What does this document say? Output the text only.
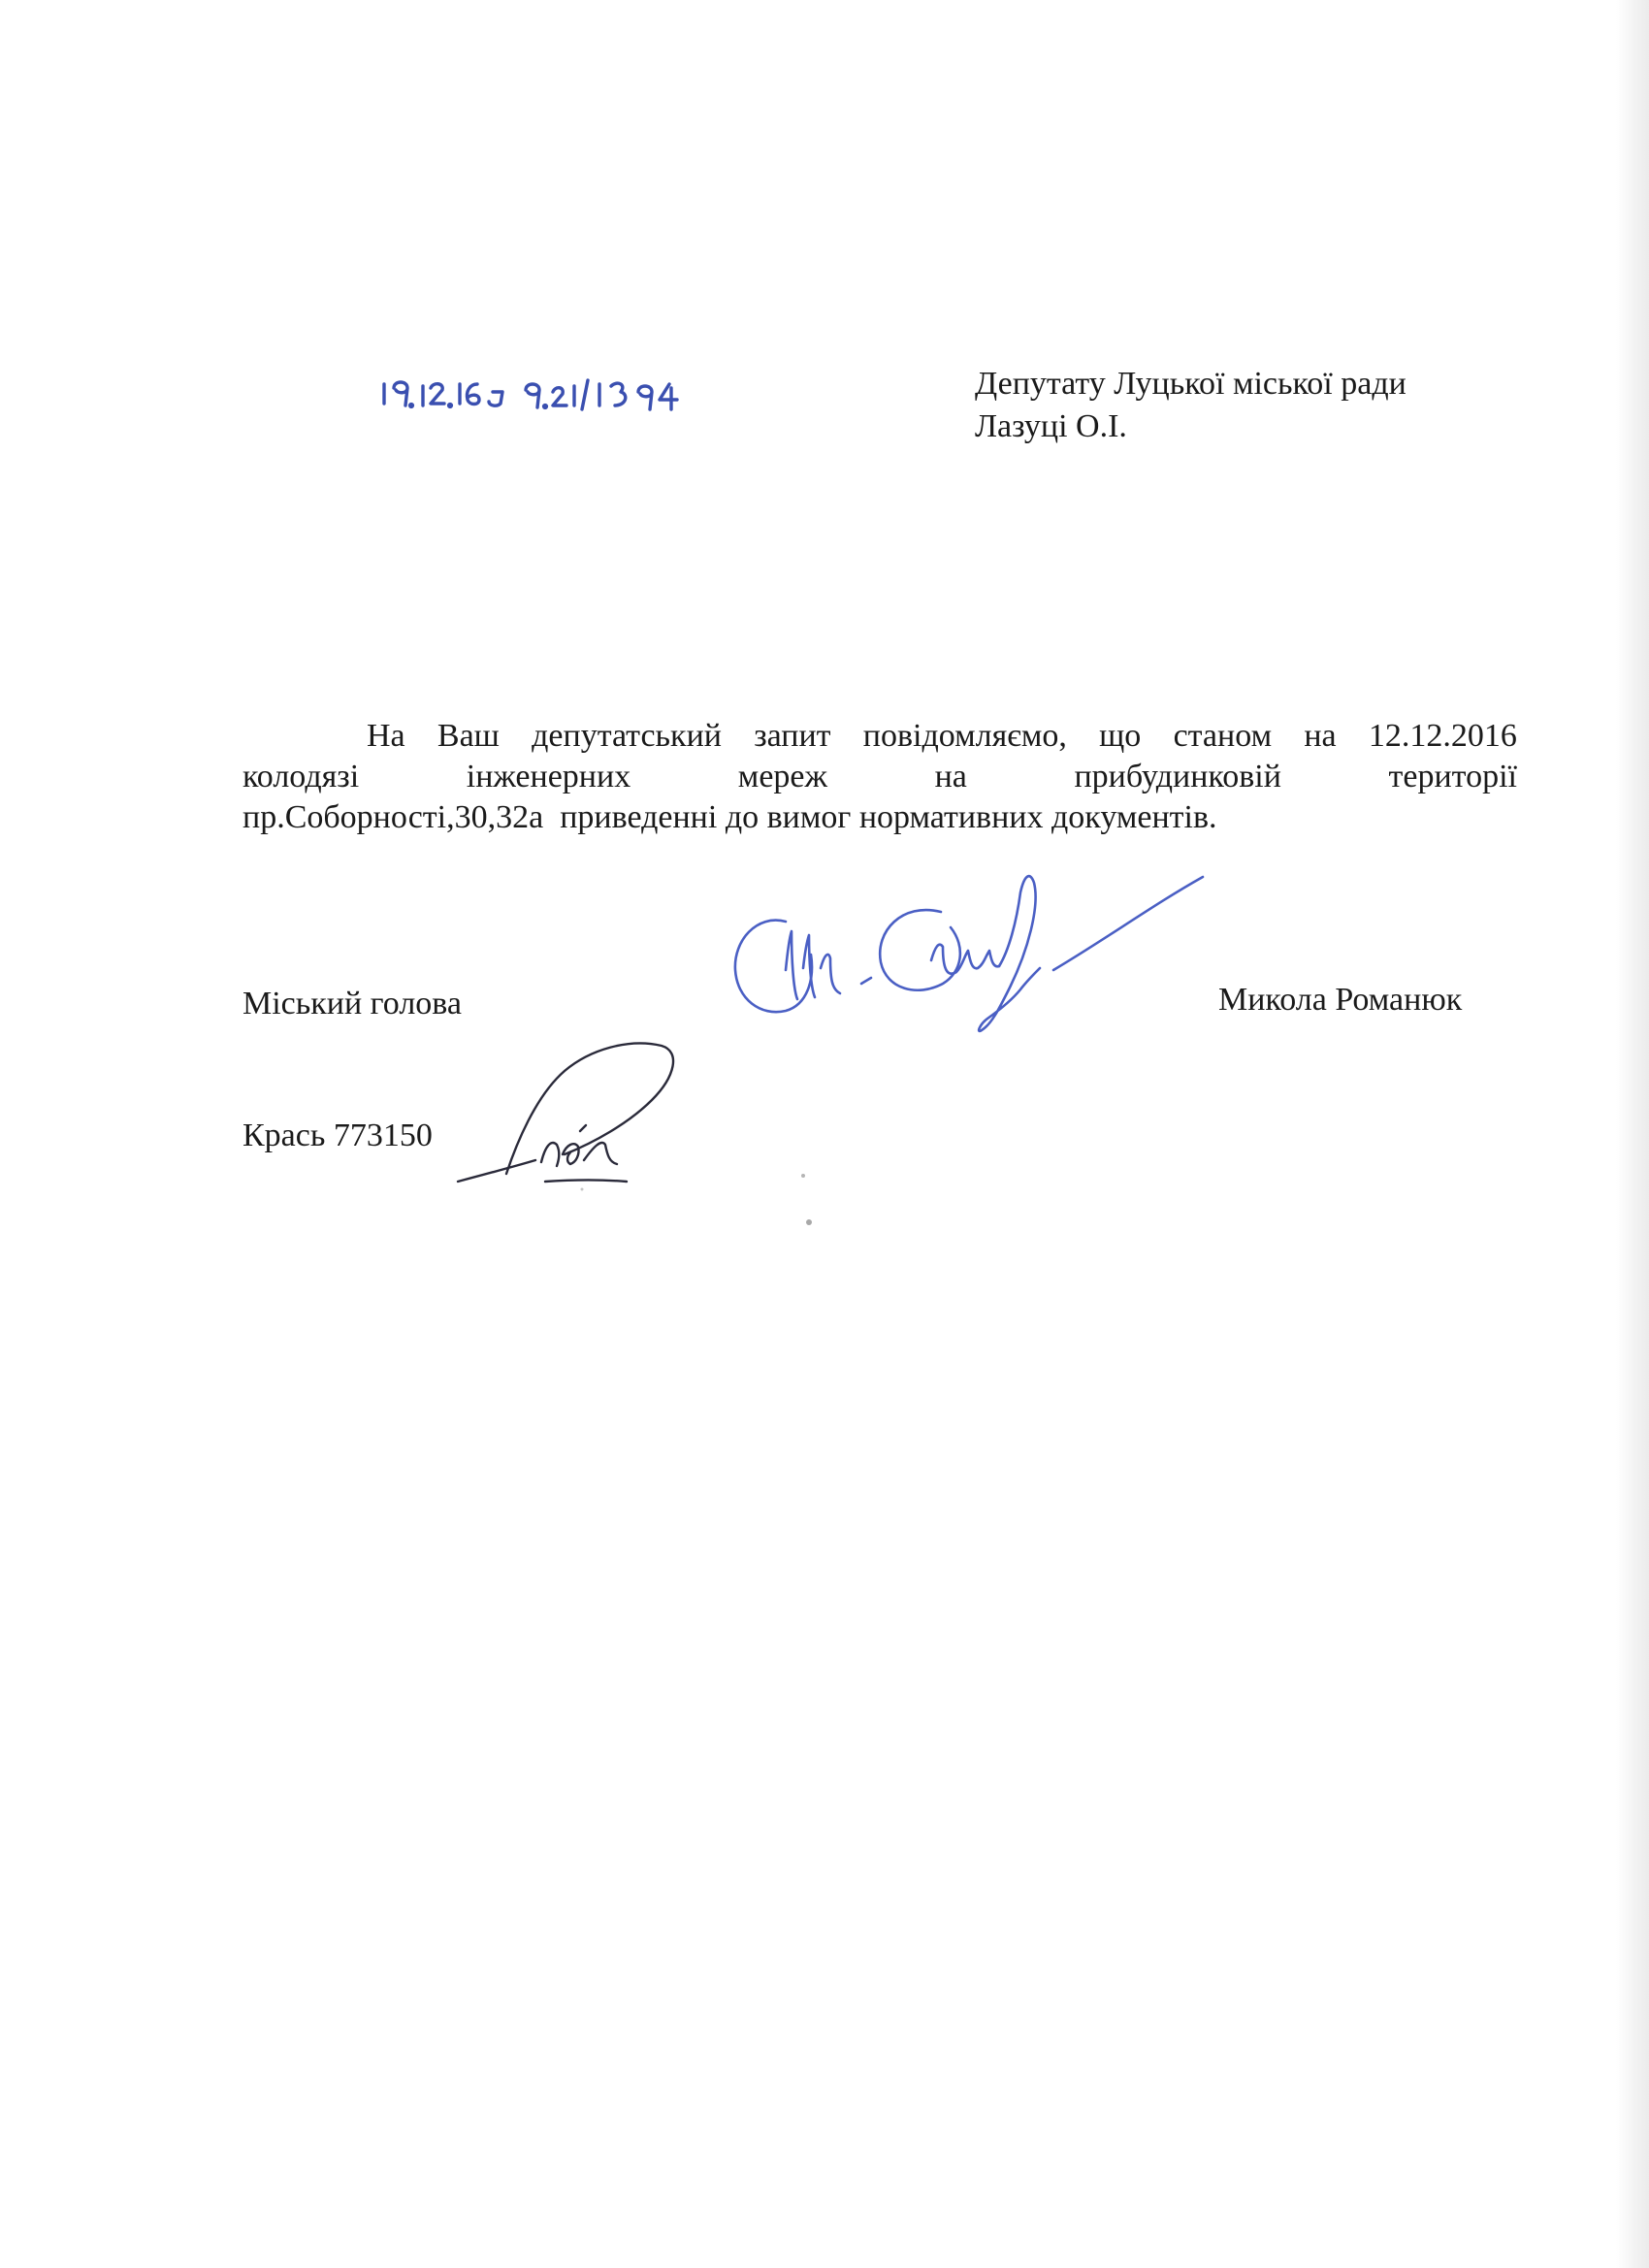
Депутату Луцької міської ради
Лазуці О.І.
На Ваш депутатський запит повідомляємо, що станом на 12.12.2016
колодязі	інженерних	мереж	на	прибудинковій	території
пр.Соборності,30,32а  приведенні до вимог нормативних документів.
Міський голова	Микола Романюк
Крась 773150
